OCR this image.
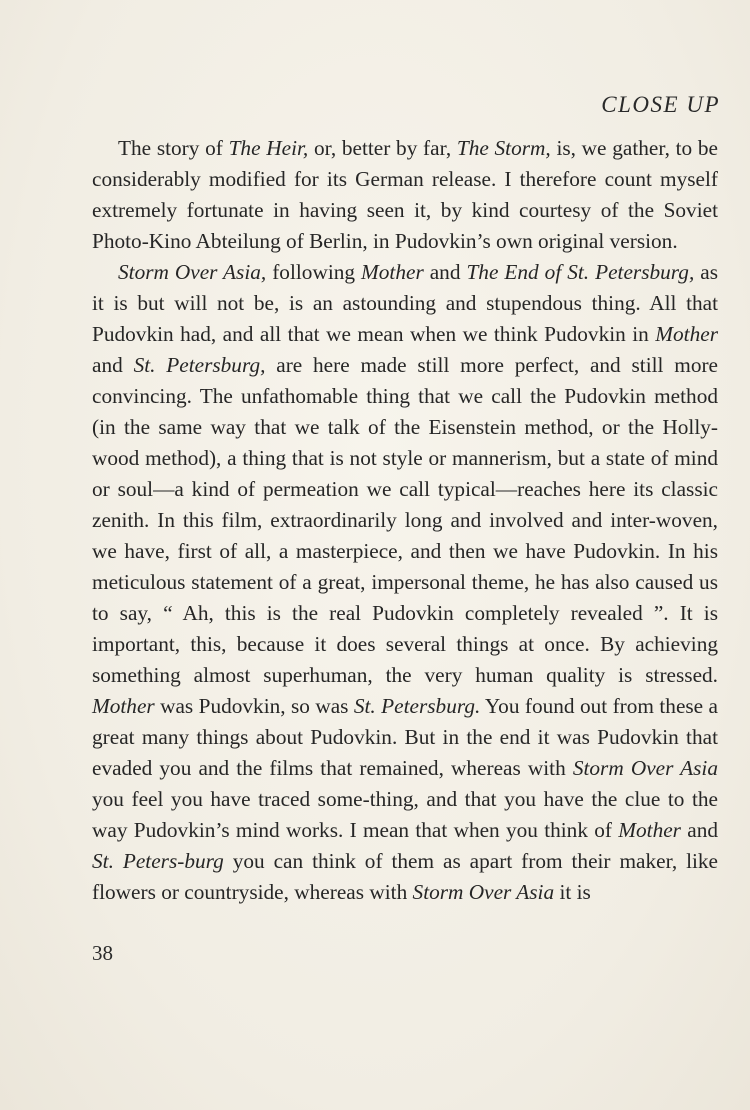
CLOSE UP

The story of The Heir, or, better by far, The Storm, is, we gather, to be considerably modified for its German release. I therefore count myself extremely fortunate in having seen it, by kind courtesy of the Soviet Photo-Kino Abteilung of Berlin, in Pudovkin’s own original version.

Storm Over Asia, following Mother and The End of St. Petersburg, as it is but will not be, is an astounding and stupendous thing. All that Pudovkin had, and all that we mean when we think Pudovkin in Mother and St. Petersburg, are here made still more perfect, and still more convincing. The unfathomable thing that we call the Pudovkin method (in the same way that we talk of the Eisenstein method, or the Holly-wood method), a thing that is not style or mannerism, but a state of mind or soul—a kind of permeation we call typical—reaches here its classic zenith. In this film, extraordinarily long and involved and inter-woven, we have, first of all, a masterpiece, and then we have Pudovkin. In his meticulous statement of a great, impersonal theme, he has also caused us to say, “ Ah, this is the real Pudovkin completely revealed ”. It is important, this, because it does several things at once. By achieving something almost superhuman, the very human quality is stressed. Mother was Pudovkin, so was St. Petersburg. You found out from these a great many things about Pudovkin. But in the end it was Pudovkin that evaded you and the films that remained, whereas with Storm Over Asia you feel you have traced some-thing, and that you have the clue to the way Pudovkin’s mind works. I mean that when you think of Mother and St. Peters-burg you can think of them as apart from their maker, like flowers or countryside, whereas with Storm Over Asia it is

38
